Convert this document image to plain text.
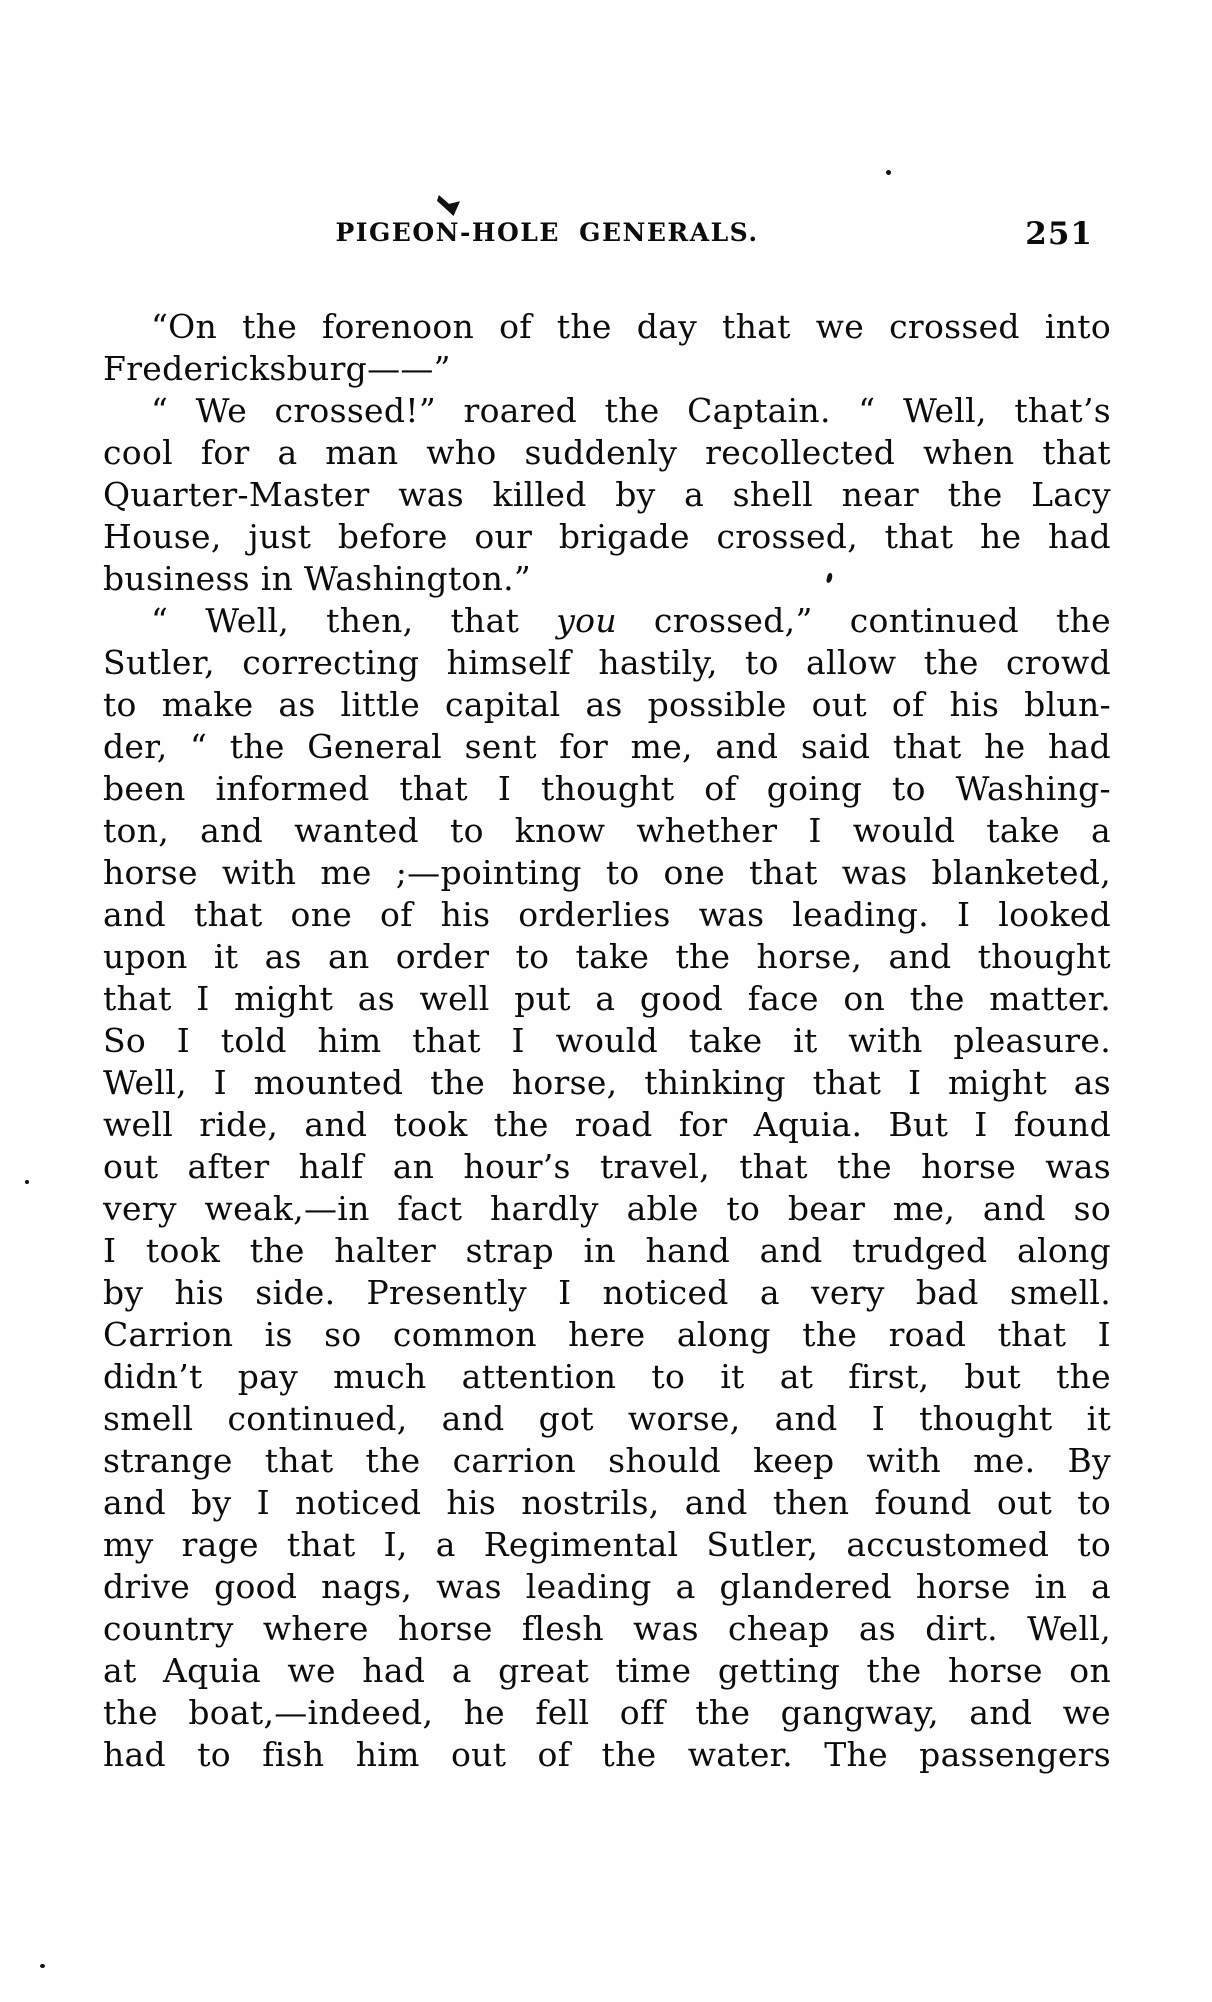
PIGEON-HOLE GENERALS.	251
“On the forenoon of the day that we crossed into
Fredericksburg——”
“ We crossed!” roared the Captain. “ Well, that’s
cool for a man who suddenly recollected when that
Quarter-Master was killed by a shell near the Lacy
House, just before our brigade crossed, that he had
business in Washington.”
“ Well, then, that you crossed,” continued the
Sutler, correcting himself hastily, to allow the crowd
to make as little capital as possible out of his blun-
der, “ the General sent for me, and said that he had
been informed that I thought of going to Washing-
ton, and wanted to know whether I would take a
horse with me ;—pointing to one that was blanketed,
and that one of his orderlies was leading. I looked
upon it as an order to take the horse, and thought
that I might as well put a good face on the matter.
So I told him that I would take it with pleasure.
Well, I mounted the horse, thinking that I might as
well ride, and took the road for Aquia. But I found
out after half an hour’s travel, that the horse was
very weak,—in fact hardly able to bear me, and so
I took the halter strap in hand and trudged along
by his side. Presently I noticed a very bad smell.
Carrion is so common here along the road that I
didn’t pay much attention to it at first, but the
smell continued, and got worse, and I thought it
strange that the carrion should keep with me. By
and by I noticed his nostrils, and then found out to
my rage that I, a Regimental Sutler, accustomed to
drive good nags, was leading a glandered horse in a
country where horse flesh was cheap as dirt. Well,
at Aquia we had a great time getting the horse on
the boat,—indeed, he fell off the gangway, and we
had to fish him out of the water. The passengers
